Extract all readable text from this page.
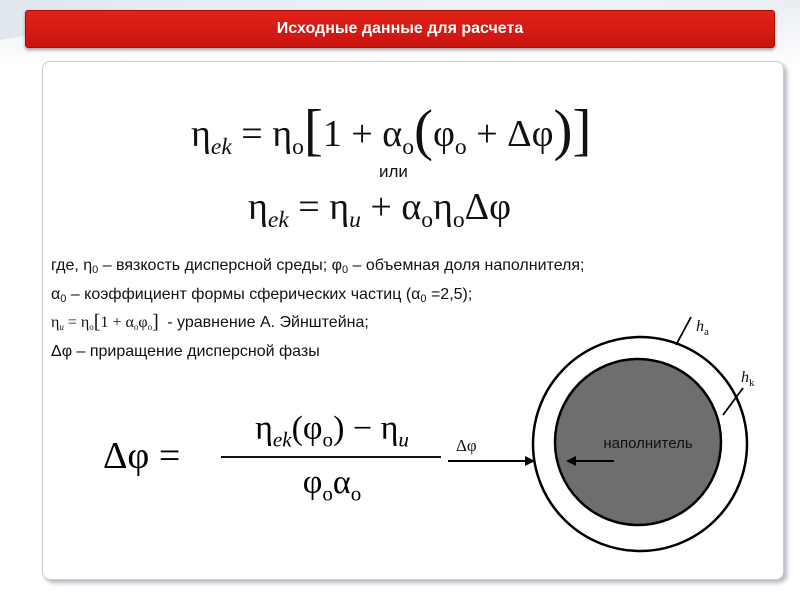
Исходные данные для расчета
$\eta_{ek} = \eta_o[1 + \alpha_o(\varphi_o + \Delta\varphi)]$
или
$\eta_{ek} = \eta_u + \alpha_o\eta_o\Delta\varphi$
где, $\eta_0$ – вязкость дисперсной среды; $\varphi_0$ – объемная доля наполнителя;
$\alpha_0$ – коэффициент формы сферических частиц $(\alpha_0 =2,5)$;
$\eta_u = \eta_o[1 + \alpha_o\varphi_o]$ - уравнение А. Эйнштейна;
Δφ – приращение дисперсной фазы
Δφ =
$\eta_{ek}(\varphi_o) - \eta_u$
$\varphi_o\alpha_o$
наполнитель
Δφ
$h_a$
$h_k$
